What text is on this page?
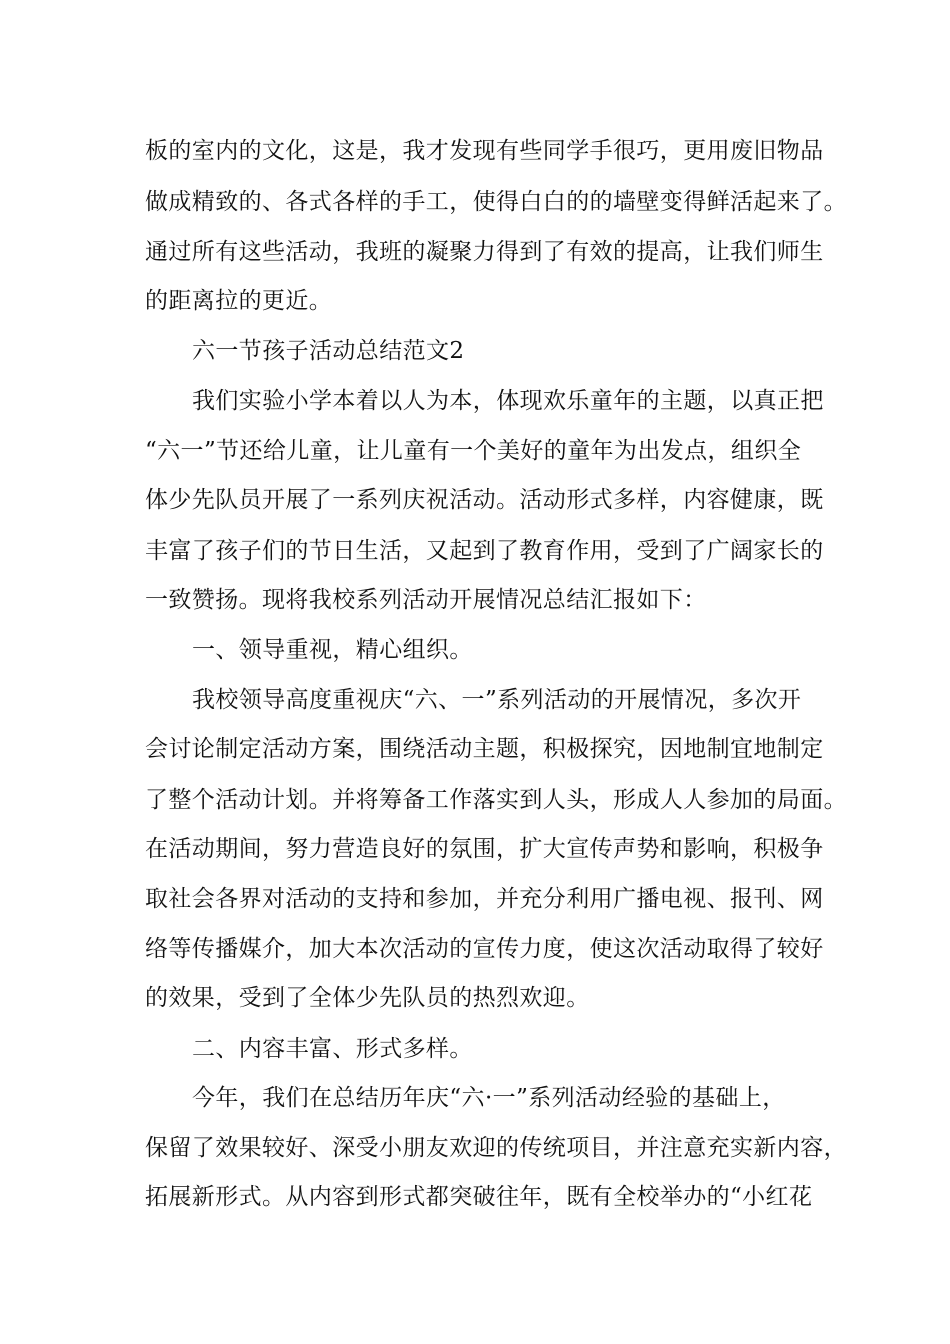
板的室内的文化，这是，我才发现有些同学手很巧，更用废旧物品
做成精致的、各式各样的手工，使得白白的的墙壁变得鲜活起来了。
通过所有这些活动，我班的凝聚力得到了有效的提高，让我们师生
的距离拉的更近。
六一节孩子活动总结范文2
我们实验小学本着以人为本，体现欢乐童年的主题，以真正把
“六一”节还给儿童，让儿童有一个美好的童年为出发点，组织全
体少先队员开展了一系列庆祝活动。活动形式多样，内容健康，既
丰富了孩子们的节日生活，又起到了教育作用，受到了广阔家长的
一致赞扬。现将我校系列活动开展情况总结汇报如下：
一、领导重视，精心组织。
我校领导高度重视庆“六、一”系列活动的开展情况，多次开
会讨论制定活动方案，围绕活动主题，积极探究，因地制宜地制定
了整个活动计划。并将筹备工作落实到人头，形成人人参加的局面。
在活动期间，努力营造良好的氛围，扩大宣传声势和影响，积极争
取社会各界对活动的支持和参加，并充分利用广播电视、报刊、网
络等传播媒介，加大本次活动的宣传力度，使这次活动取得了较好
的效果，受到了全体少先队员的热烈欢迎。
二、内容丰富、形式多样。
今年，我们在总结历年庆“六·一”系列活动经验的基础上，
保留了效果较好、深受小朋友欢迎的传统项目，并注意充实新内容，
拓展新形式。从内容到形式都突破往年，既有全校举办的“小红花
